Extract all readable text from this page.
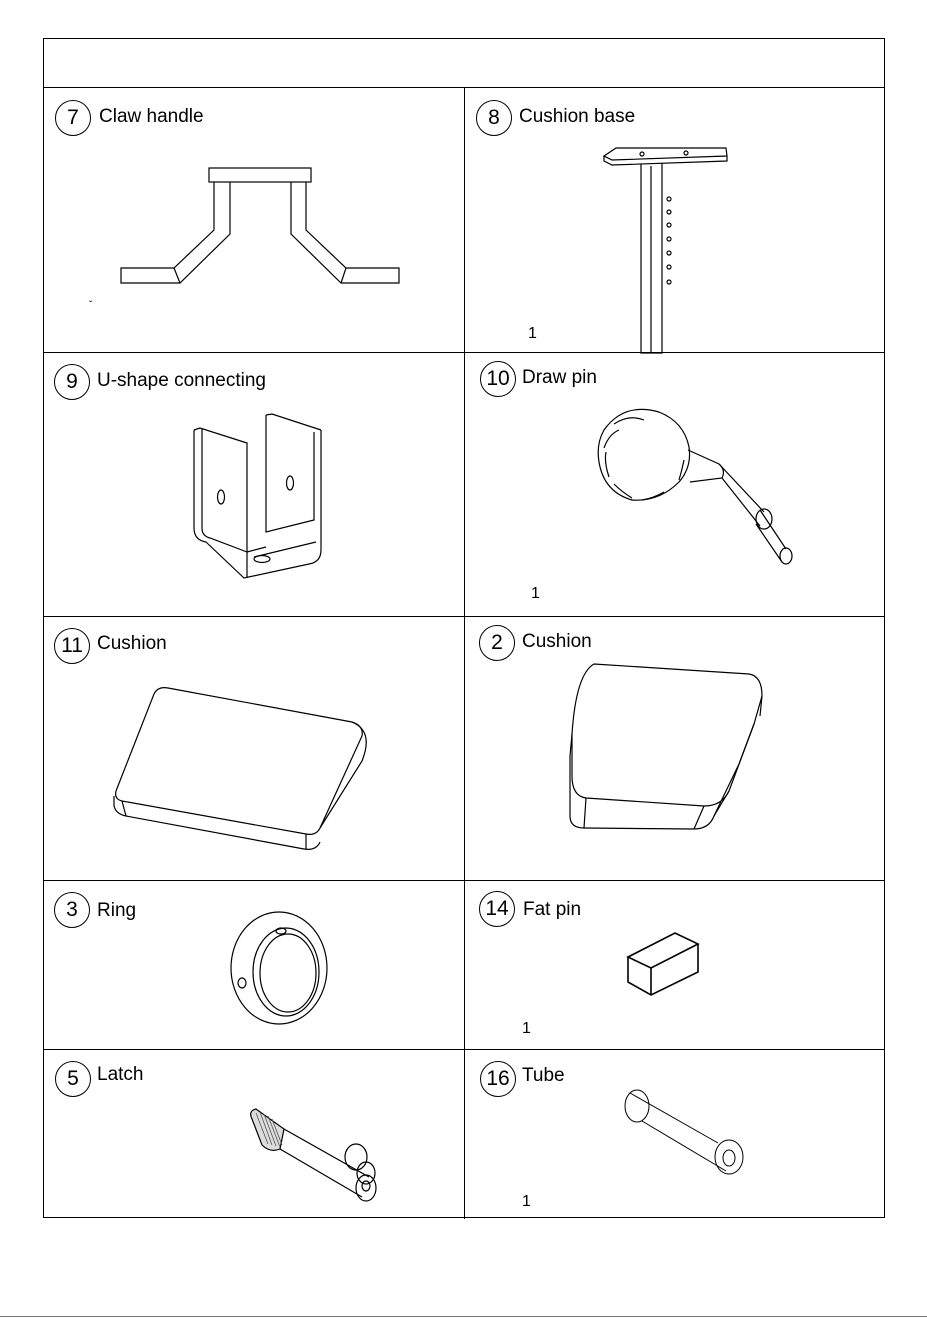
7	Claw handle
ˇ
8	Cushion base
1
9	U-shape connecting	10 Draw pin
1
11 Cushion	2	Cushion
3	Ring	14 Fat pin
1
5 Latch	16 Tube
1
